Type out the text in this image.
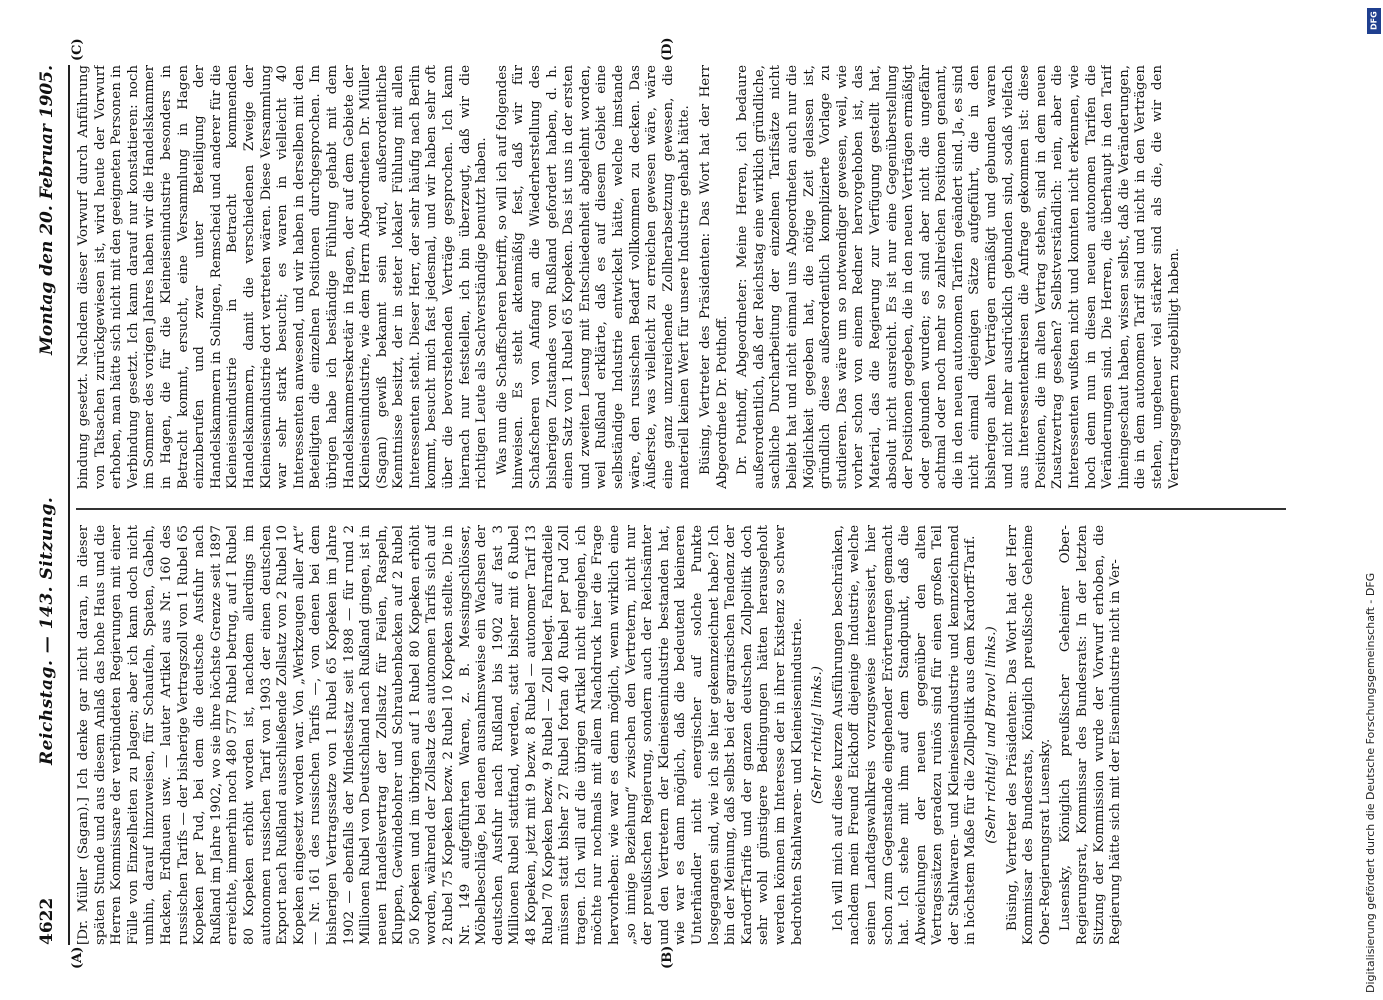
4622
Reichstag. — 143. Sitzung.
Montag den 20. Februar 1905.
(A)	(B)
(C)	(D)

[Dr. Müller (Sagan).] Ich denke gar nicht daran, in dieser späten Stunde und aus diesem Anlaß das hohe Haus und die Herren Kommissare der verbündeten Regierungen mit einer Fülle von Einzelheiten zu plagen; aber ich kann doch nicht umhin, darauf hinzuweisen, für Schaufeln, Spaten, Gabeln, Hacken, Erdhauen usw. — lauter Artikel aus Nr. 160 des russischen Tarifs — der bisherige Vertragszoll von 1 Rubel 65 Kopeken per Pud, bei dem die deutsche Ausfuhr nach Rußland im Jahre 1902, wo sie ihre höchste Grenze seit 1897 erreichte, immerhin noch 480 577 Rubel betrug, auf 1 Rubel 80 Kopeken erhöht worden ist, nachdem allerdings im autonomen russischen Tarif von 1903 der einen deutschen Export nach Rußland ausschließende Zollsatz von 2 Rubel 10 Kopeken eingesetzt worden war. Von „Werkzeugen aller Art“ — Nr. 161 des russischen Tarifs —, von denen bei dem bisherigen Vertragssatze von 1 Rubel 65 Kopeken im Jahre 1902 — ebenfalls der Mindestsatz seit 1898 — für rund 2 Millionen Rubel von Deutschland nach Rußland gingen, ist in neuen Handelsvertrag der Zollsatz für Feilen, Raspeln, Kluppen, Gewindebohrer und Schraubenbacken auf 2 Rubel 50 Kopeken und im übrigen auf 1 Rubel 80 Kopeken erhöht worden, während der Zollsatz des autonomen Tarifs sich auf 2 Rubel 75 Kopeken bezw. 2 Rubel 10 Kopeken stellte. Die in Nr. 149 aufgeführten Waren, z. B. Messingschlösser, Möbelbeschläge, bei denen ausnahmsweise ein Wachsen der deutschen Ausfuhr nach Rußland bis 1902 auf fast 3 Millionen Rubel stattfand, werden, statt bisher mit 6 Rubel 48 Kopeken, jetzt mit 9 bezw. 8 Rubel — autonomer Tarif 13 Rubel 70 Kopeken bezw. 9 Rubel — Zoll belegt. Fahrradteile müssen statt bisher 27 Rubel fortan 40 Rubel per Pud Zoll tragen. Ich will auf die übrigen Artikel nicht eingehen, ich möchte nur nochmals mit allem Nachdruck hier die Frage hervorheben: wie war es denn möglich, wenn wirklich eine „so innige Beziehung“ zwischen den Vertretern, nicht nur der preußischen Regierung, sondern auch der Reichsämter und den Vertretern der Kleineisenindustrie bestanden hat, wie war es dann möglich, daß die bedeutend kleineren Unterhändler nicht energischer auf solche Punkte losgegangen sind, wie ich sie hier gekennzeichnet habe? Ich bin der Meinung, daß selbst bei der agrarischen Tendenz der Kardorff-Tarife und der ganzen deutschen Zollpolitik doch sehr wohl günstigere Bedingungen hätten herausgeholt werden können im Interesse der in ihrer Existenz so schwer bedrohten Stahlwaren- und Kleineisenindustrie. (Sehr richtig! links.) Ich will mich auf diese kurzen Ausführungen beschränken, nachdem mein Freund Eickhoff diejenige Industrie, welche seinen Landtagswahlkreis vorzugsweise interessiert, hier schon zum Gegenstande eingehender Erörterungen gemacht hat. Ich stehe mit ihm auf dem Standpunkt, daß die Abweichungen der neuen gegenüber den alten Vertragssätzen geradezu ruinös sind für einen großen Teil der Stahlwaren- und Kleineisenindustrie und kennzeichnend in höchstem Maße für die Zollpolitik aus dem Kardorff-Tarif. (Sehr richtig! und Bravo! links.) Büsing, Vertreter des Präsidenten: Das Wort hat der Herr Kommissar des Bundesrats, Königlich preußische Geheime Ober-Regierungsrat Lusensky. Lusensky, Königlich preußischer Geheimer Ober-Regierungsrat, Kommissar des Bundesrats: In der letzten Sitzung der Kommission wurde der Vorwurf erhoben, die Regierung hätte sich mit der Eisenindustrie nicht in Ver-

bindung gesetzt. Nachdem dieser Vorwurf durch Anführung von Tatsachen zurückgewiesen ist, wird heute der Vorwurf erhoben, man hätte sich nicht mit den geeigneten Personen in Verbindung gesetzt. Ich kann darauf nur konstatieren: noch im Sommer des vorigen Jahres haben wir die Handelskammer in Hagen, die für die Kleineisenindustrie besonders in Betracht kommt, ersucht, eine Versammlung in Hagen einzuberufen und zwar unter Beteiligung der Handelskammern in Solingen, Remscheid und anderer für die Kleineisenindustrie in Betracht kommenden Handelskammern, damit die verschiedenen Zweige der Kleineisenindustrie dort vertreten wären. Diese Versammlung war sehr stark besucht; es waren in vielleicht 40 Interessenten anwesend, und wir haben in derselben mit den Beteiligten die einzelnen Positionen durchgesprochen. Im übrigen habe ich beständige Fühlung gehabt mit dem Handelskammersekretär in Hagen, der auf dem Gebiete der Kleineisenindustrie, wie dem Herrn Abgeordneten Dr. Müller (Sagan) gewiß bekannt sein wird, außerordentliche Kenntnisse besitzt, der in steter lokaler Fühlung mit allen Interessenten steht. Dieser Herr, der sehr häufig nach Berlin kommt, besucht mich fast jedesmal, und wir haben sehr oft über die bevorstehenden Verträge gesprochen. Ich kann hiernach nur feststellen, ich bin überzeugt, daß wir die richtigen Leute als Sachverständige benutzt haben. Was nun die Schaffscheren betrifft, so will ich auf folgendes hinweisen. Es steht aktenmäßig fest, daß wir für Schafscheren von Anfang an die Wiederherstellung des bisherigen Zustandes von Rußland gefordert haben, d. h. einen Satz von 1 Rubel 65 Kopeken. Das ist uns in der ersten und zweiten Lesung mit Entschiedenheit abgelehnt worden, weil Rußland erklärte, daß es auf diesem Gebiet eine selbständige Industrie entwickelt hätte, welche imstande wäre, den russischen Bedarf vollkommen zu decken. Das Äußerste, was vielleicht zu erreichen gewesen wäre, wäre eine ganz unzureichende Zollherabsetzung gewesen, die materiell keinen Wert für unsere Industrie gehabt hätte. Büsing, Vertreter des Präsidenten: Das Wort hat der Herr Abgeordnete Dr. Potthoff. Dr. Potthoff, Abgeordneter: Meine Herren, ich bedaure außerordentlich, daß der Reichstag eine wirklich gründliche, sachliche Durcharbeitung der einzelnen Tarifsätze nicht beliebt hat und nicht einmal uns Abgeordneten auch nur die Möglichkeit gegeben hat, die nötige Zeit gelassen ist, gründlich diese außerordentlich komplizierte Vorlage zu studieren. Das wäre um so notwendiger gewesen, weil, wie vorher schon von einem Redner hervorgehoben ist, das Material, das die Regierung zur Verfügung gestellt hat, absolut nicht ausreicht. Es ist nur eine Gegenüberstellung der Positionen gegeben, die in den neuen Verträgen ermäßigt oder gebunden wurden; es sind aber nicht die ungefähr achtmal oder noch mehr so zahlreichen Positionen genannt, die in den neuen autonomen Tarifen geändert sind. Ja, es sind nicht einmal diejenigen Sätze aufgeführt, die in den bisherigen alten Verträgen ermäßigt und gebunden waren und nicht mehr ausdrücklich gebunden sind, sodaß vielfach aus Interessentenkreisen die Anfrage gekommen ist: diese Positionen, die im alten Vertrag stehen, sind in dem neuen Zusatzvertrag gesehen? Selbstverständlich: nein, aber die Interessenten wußten nicht und konnten nicht erkennen, wie hoch denn nun in diesen neuen autonomen Tarifen die Veränderungen sind. Die Herren, die überhaupt in den Tarif hineingeschaut haben, wissen selbst, daß die Veränderungen, die in dem autonomen Tarif sind und nicht in den Verträgen stehen, ungeheuer viel stärker sind als die, die wir den Vertragsgegnern zugebilligt haben.

Digitalisierung gefördert durch die Deutsche Forschungsgemeinschaft - DFG
DFG
